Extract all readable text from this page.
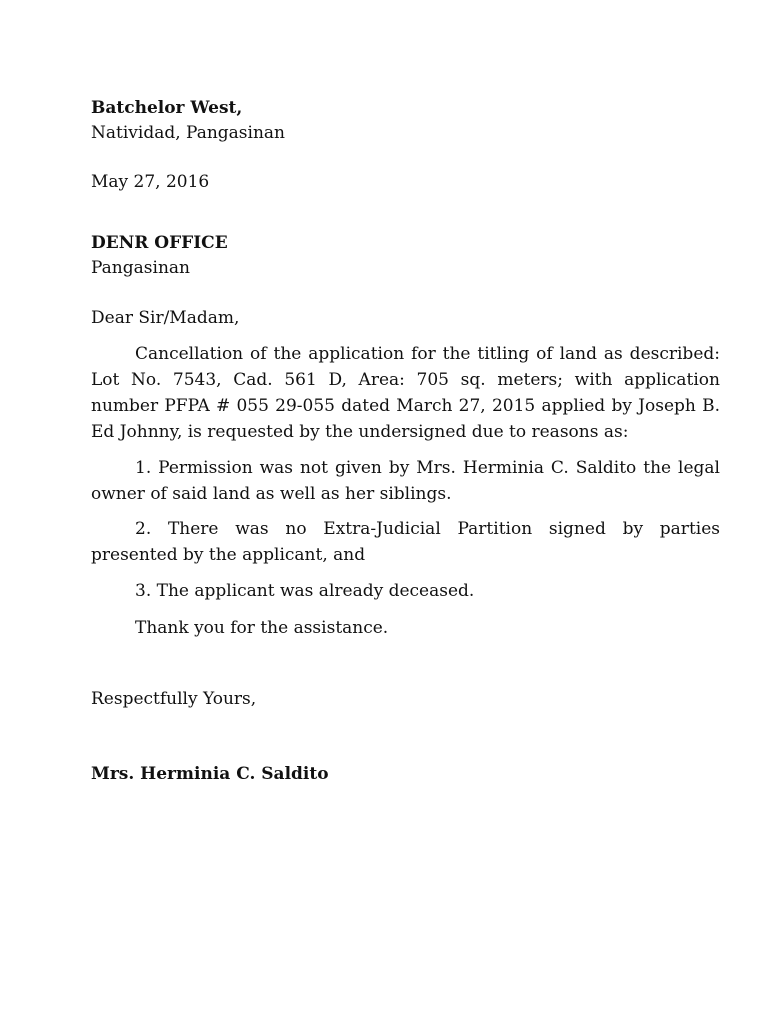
Batchelor West,
Natividad, Pangasinan
May 27, 2016
DENR OFFICE
Pangasinan
Dear Sir/Madam,
Cancellation of the application for the titling of land as described: Lot No. 7543, Cad. 561 D, Area: 705 sq. meters; with application number PFPA # 055 29-055 dated March 27, 2015 applied by Joseph B. Ed Johnny, is requested by the undersigned due to reasons as:
1. Permission was not given by Mrs. Herminia C. Saldito the legal owner of said land as well as her siblings.
2. There was no Extra-Judicial Partition signed by parties presented by the applicant, and
3. The applicant was already deceased.
Thank you for the assistance.
Respectfully Yours,
Mrs. Herminia C. Saldito
